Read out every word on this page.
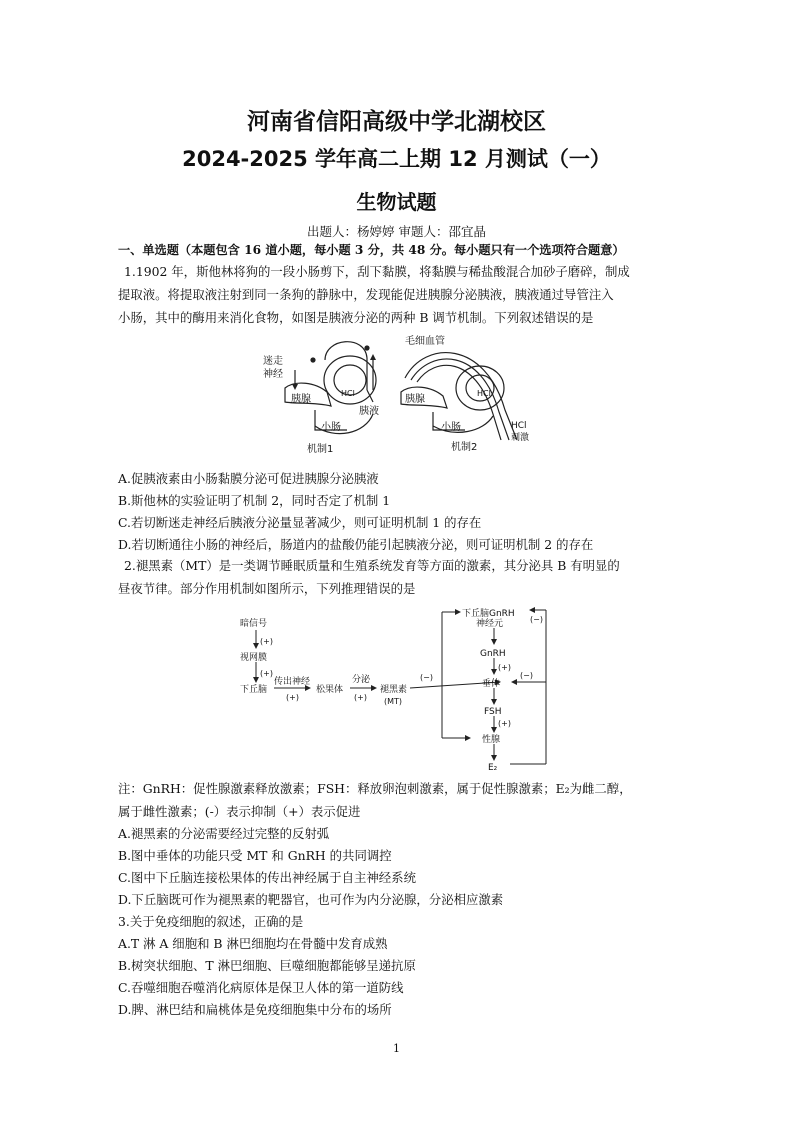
河南省信阳高级中学北湖校区
2024-2025 学年高二上期 12 月测试（一）
生物试题
出题人：杨婷婷 审题人：邵宜晶
一、单选题（本题包含 16 道小题，每小题 3 分，共 48 分。每小题只有一个选项符合题意）
1.1902 年，斯他林将狗的一段小肠剪下，刮下黏膜，将黏膜与稀盐酸混合加砂子磨碎，制成
提取液。将提取液注射到同一条狗的静脉中，发现能促进胰腺分泌胰液，胰液通过导管注入
小肠，其中的酶用来消化食物，如图是胰液分泌的两种 B 调节机制。下列叙述错误的是
迷走
神经
胰腺
HCl
胰液
小肠
机制1
毛细血管
胰腺
HCl
HCl
刺激
小肠
机制2
A.促胰液素由小肠黏膜分泌可促进胰腺分泌胰液
B.斯他林的实验证明了机制 2，同时否定了机制 1
C.若切断迷走神经后胰液分泌量显著减少，则可证明机制 1 的存在
D.若切断通往小肠的神经后，肠道内的盐酸仍能引起胰液分泌，则可证明机制 2 的存在
2.褪黑素（MT）是一类调节睡眠质量和生殖系统发育等方面的激素，其分泌具 B 有明显的
昼夜节律。部分作用机制如图所示，下列推理错误的是
暗信号
(+)
视网膜
(+)
下丘脑
传出神经
(+)
松果体
分泌
(+)
褪黑素
(MT)
(−)
下丘脑GnRH
神经元	(−)
GnRH
(+)
垂体
(−)
FSH
(+)
性腺
E₂
注：GnRH：促性腺激素释放激素；FSH：释放卵泡刺激素，属于促性腺激素；E₂为雌二醇，
属于雌性激素；(-）表示抑制（+）表示促进
A.褪黑素的分泌需要经过完整的反射弧
B.图中垂体的功能只受 MT 和 GnRH 的共同调控
C.图中下丘脑连接松果体的传出神经属于自主神经系统
D.下丘脑既可作为褪黑素的靶器官，也可作为内分泌腺，分泌相应激素
3.关于免疫细胞的叙述，正确的是
A.T 淋 A 细胞和 B 淋巴细胞均在骨髓中发育成熟
B.树突状细胞、T 淋巴细胞、巨噬细胞都能够呈递抗原
C.吞噬细胞吞噬消化病原体是保卫人体的第一道防线
D.脾、淋巴结和扁桃体是免疫细胞集中分布的场所
1
